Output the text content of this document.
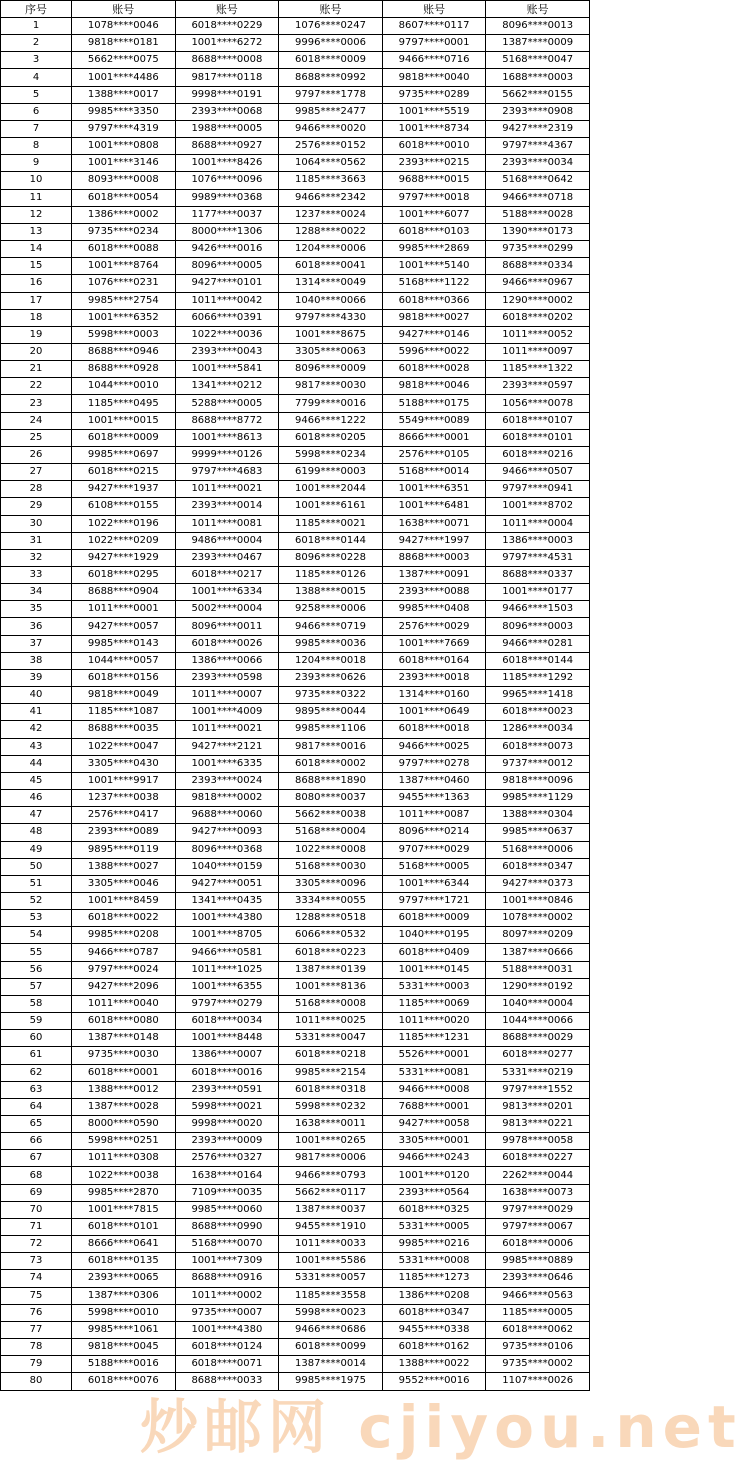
序号	账号	账号	账号	账号	账号
1	1078****0046	6018****0229	1076****0247	8607****0117	8096****0013
2	9818****0181	1001****6272	9996****0006	9797****0001	1387****0009
3	5662****0075	8688****0008	6018****0009	9466****0716	5168****0047
4	1001****4486	9817****0118	8688****0992	9818****0040	1688****0003
5	1388****0017	9998****0191	9797****1778	9735****0289	5662****0155
6	9985****3350	2393****0068	9985****2477	1001****5519	2393****0908
7	9797****4319	1988****0005	9466****0020	1001****8734	9427****2319
8	1001****0808	8688****0927	2576****0152	6018****0010	9797****4367
9	1001****3146	1001****8426	1064****0562	2393****0215	2393****0034
10	8093****0008	1076****0096	1185****3663	9688****0015	5168****0642
11	6018****0054	9989****0368	9466****2342	9797****0018	9466****0718
12	1386****0002	1177****0037	1237****0024	1001****6077	5188****0028
13	9735****0234	8000****1306	1288****0022	6018****0103	1390****0173
14	6018****0088	9426****0016	1204****0006	9985****2869	9735****0299
15	1001****8764	8096****0005	6018****0041	1001****5140	8688****0334
16	1076****0231	9427****0101	1314****0049	5168****1122	9466****0967
17	9985****2754	1011****0042	1040****0066	6018****0366	1290****0002
18	1001****6352	6066****0391	9797****4330	9818****0027	6018****0202
19	5998****0003	1022****0036	1001****8675	9427****0146	1011****0052
20	8688****0946	2393****0043	3305****0063	5996****0022	1011****0097
21	8688****0928	1001****5841	8096****0009	6018****0028	1185****1322
22	1044****0010	1341****0212	9817****0030	9818****0046	2393****0597
23	1185****0495	5288****0005	7799****0016	5188****0175	1056****0078
24	1001****0015	8688****8772	9466****1222	5549****0089	6018****0107
25	6018****0009	1001****8613	6018****0205	8666****0001	6018****0101
26	9985****0697	9999****0126	5998****0234	2576****0105	6018****0216
27	6018****0215	9797****4683	6199****0003	5168****0014	9466****0507
28	9427****1937	1011****0021	1001****2044	1001****6351	9797****0941
29	6108****0155	2393****0014	1001****6161	1001****6481	1001****8702
30	1022****0196	1011****0081	1185****0021	1638****0071	1011****0004
31	1022****0209	9486****0004	6018****0144	9427****1997	1386****0003
32	9427****1929	2393****0467	8096****0228	8868****0003	9797****4531
33	6018****0295	6018****0217	1185****0126	1387****0091	8688****0337
34	8688****0904	1001****6334	1388****0015	2393****0088	1001****0177
35	1011****0001	5002****0004	9258****0006	9985****0408	9466****1503
36	9427****0057	8096****0011	9466****0719	2576****0029	8096****0003
37	9985****0143	6018****0026	9985****0036	1001****7669	9466****0281
38	1044****0057	1386****0066	1204****0018	6018****0164	6018****0144
39	6018****0156	2393****0598	2393****0626	2393****0018	1185****1292
40	9818****0049	1011****0007	9735****0322	1314****0160	9965****1418
41	1185****1087	1001****4009	9895****0044	1001****0649	6018****0023
42	8688****0035	1011****0021	9985****1106	6018****0018	1286****0034
43	1022****0047	9427****2121	9817****0016	9466****0025	6018****0073
44	3305****0430	1001****6335	6018****0002	9797****0278	9737****0012
45	1001****9917	2393****0024	8688****1890	1387****0460	9818****0096
46	1237****0038	9818****0002	8080****0037	9455****1363	9985****1129
47	2576****0417	9688****0060	5662****0038	1011****0087	1388****0304
48	2393****0089	9427****0093	5168****0004	8096****0214	9985****0637
49	9895****0119	8096****0368	1022****0008	9707****0029	5168****0006
50	1388****0027	1040****0159	5168****0030	5168****0005	6018****0347
51	3305****0046	9427****0051	3305****0096	1001****6344	9427****0373
52	1001****8459	1341****0435	3334****0055	9797****1721	1001****0846
53	6018****0022	1001****4380	1288****0518	6018****0009	1078****0002
54	9985****0208	1001****8705	6066****0532	1040****0195	8097****0209
55	9466****0787	9466****0581	6018****0223	6018****0409	1387****0666
56	9797****0024	1011****1025	1387****0139	1001****0145	5188****0031
57	9427****2096	1001****6355	1001****8136	5331****0003	1290****0192
58	1011****0040	9797****0279	5168****0008	1185****0069	1040****0004
59	6018****0080	6018****0034	1011****0025	1011****0020	1044****0066
60	1387****0148	1001****8448	5331****0047	1185****1231	8688****0029
61	9735****0030	1386****0007	6018****0218	5526****0001	6018****0277
62	6018****0001	6018****0016	9985****2154	5331****0081	5331****0219
63	1388****0012	2393****0591	6018****0318	9466****0008	9797****1552
64	1387****0028	5998****0021	5998****0232	7688****0001	9813****0201
65	8000****0590	9998****0020	1638****0011	9427****0058	9813****0221
66	5998****0251	2393****0009	1001****0265	3305****0001	9978****0058
67	1011****0308	2576****0327	9817****0006	9466****0243	6018****0227
68	1022****0038	1638****0164	9466****0793	1001****0120	2262****0044
69	9985****2870	7109****0035	5662****0117	2393****0564	1638****0073
70	1001****7815	9985****0060	1387****0037	6018****0325	9797****0029
71	6018****0101	8688****0990	9455****1910	5331****0005	9797****0067
72	8666****0641	5168****0070	1011****0033	9985****0216	6018****0006
73	6018****0135	1001****7309	1001****5586	5331****0008	9985****0889
74	2393****0065	8688****0916	5331****0057	1185****1273	2393****0646
75	1387****0306	1011****0002	1185****3558	1386****0208	9466****0563
76	5998****0010	9735****0007	5998****0023	6018****0347	1185****0005
77	9985****1061	1001****4380	9466****0686	9455****0338	6018****0062
78	9818****0045	6018****0124	6018****0099	6018****0162	9735****0106
79	5188****0016	6018****0071	1387****0014	1388****0022	9735****0002
80	6018****0076	8688****0033	9985****1975	9552****0016	1107****0026
炒邮网 cjiyou.net
